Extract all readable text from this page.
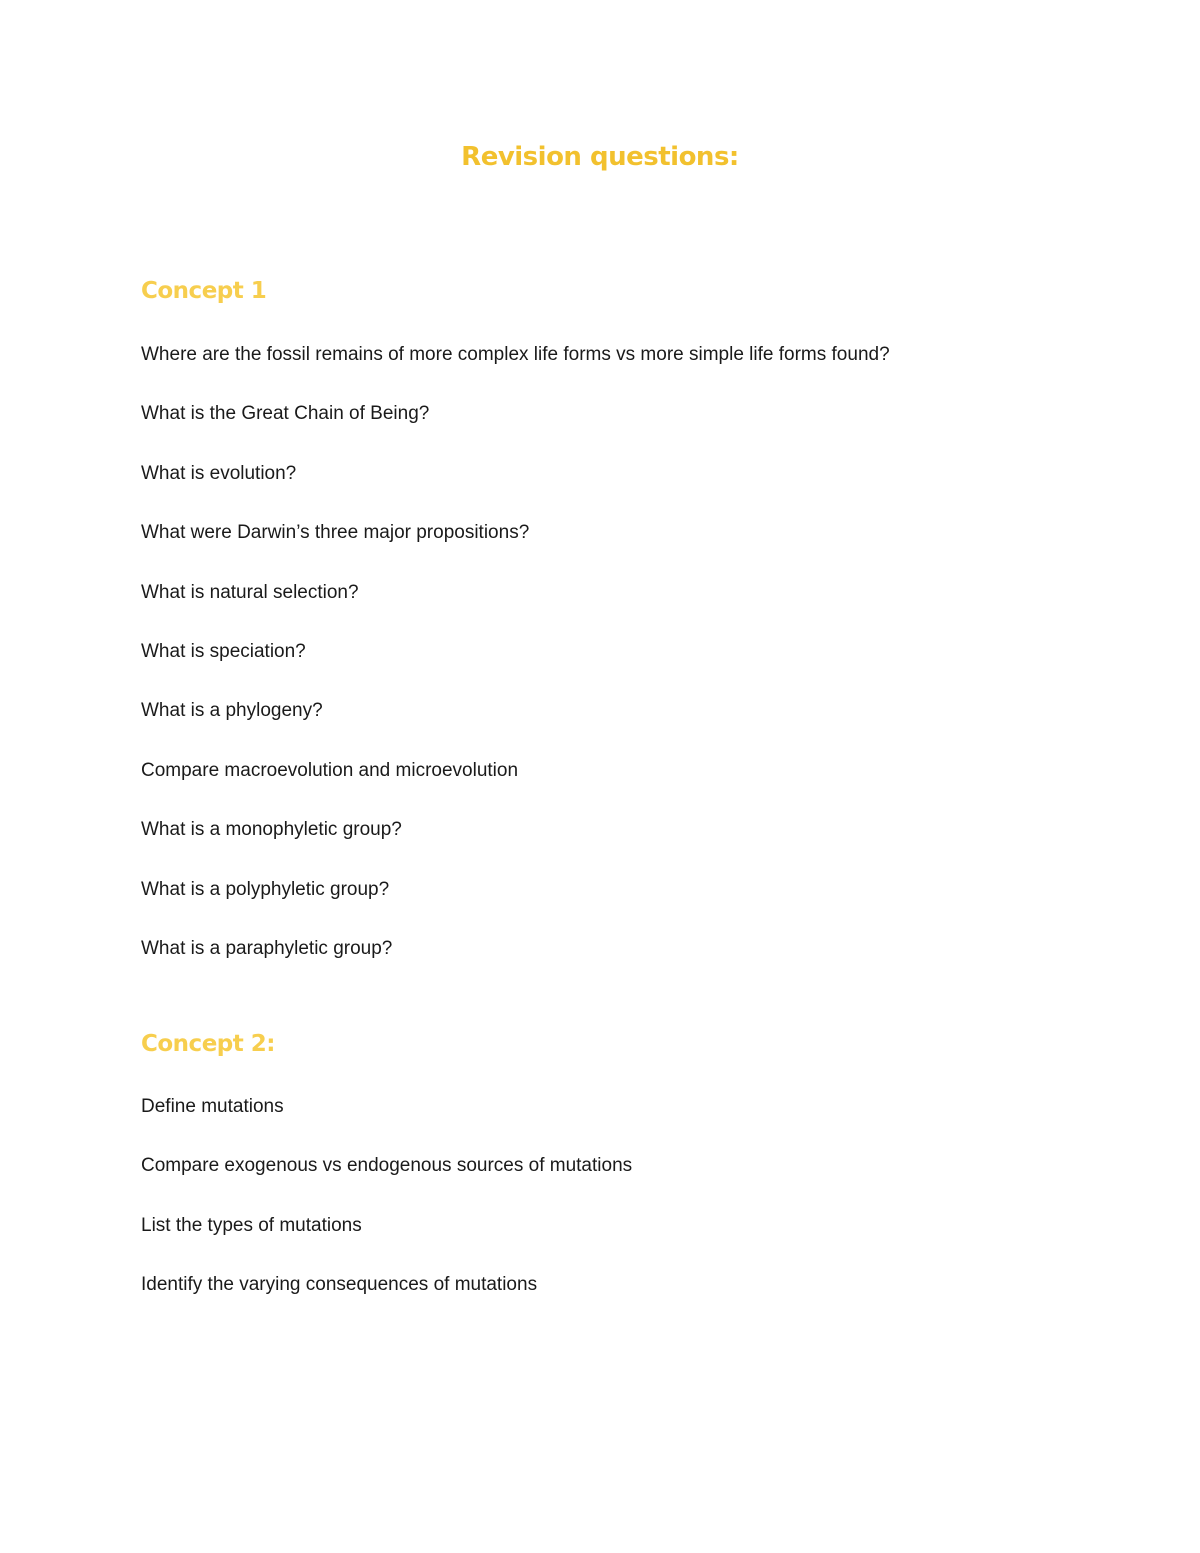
Revision questions:
Concept 1
Where are the fossil remains of more complex life forms vs more simple life forms found?
What is the Great Chain of Being?
What is evolution?
What were Darwin’s three major propositions?
What is natural selection?
What is speciation?
What is a phylogeny?
Compare macroevolution and microevolution
What is a monophyletic group?
What is a polyphyletic group?
What is a paraphyletic group?
Concept 2:
Define mutations
Compare exogenous vs endogenous sources of mutations
List the types of mutations
Identify the varying consequences of mutations
